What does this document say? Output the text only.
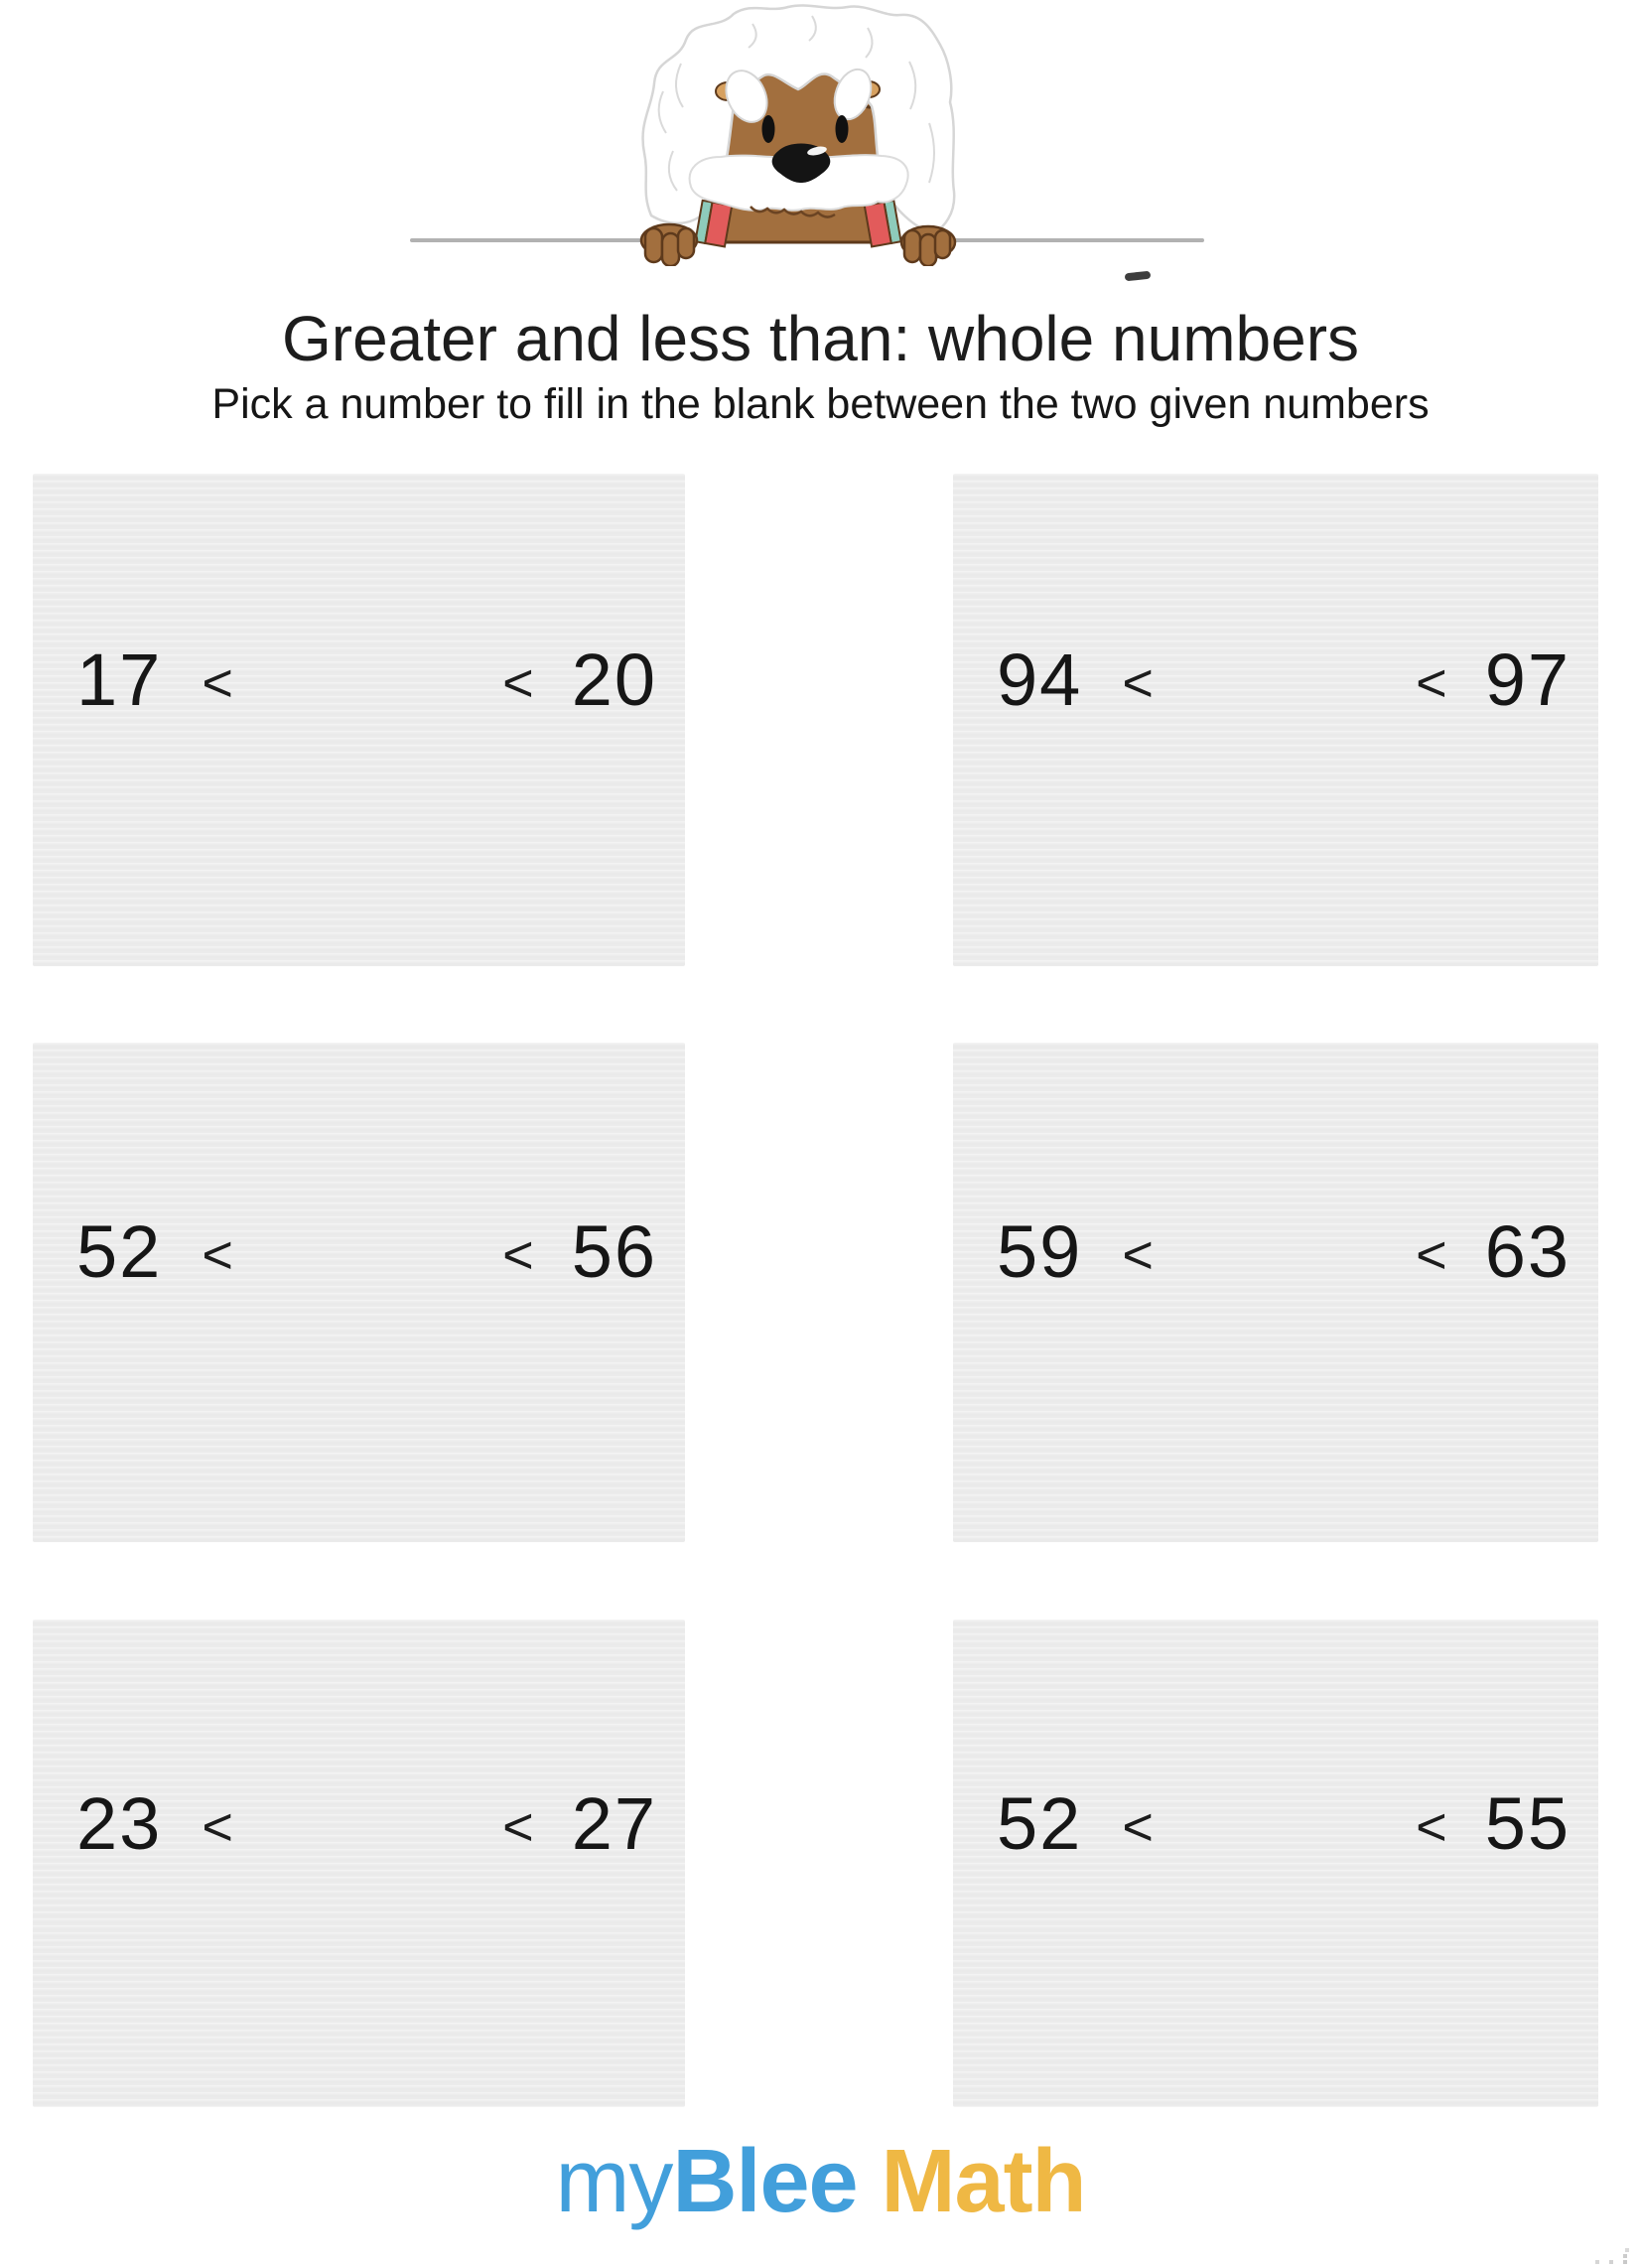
Greater and less than: whole numbers
Pick a number to fill in the blank between the two given numbers
17 <	< 20	94 <	< 97
52 <	< 56	59 <	< 63
23 <	< 27	52 <	< 55
myBlee Math
